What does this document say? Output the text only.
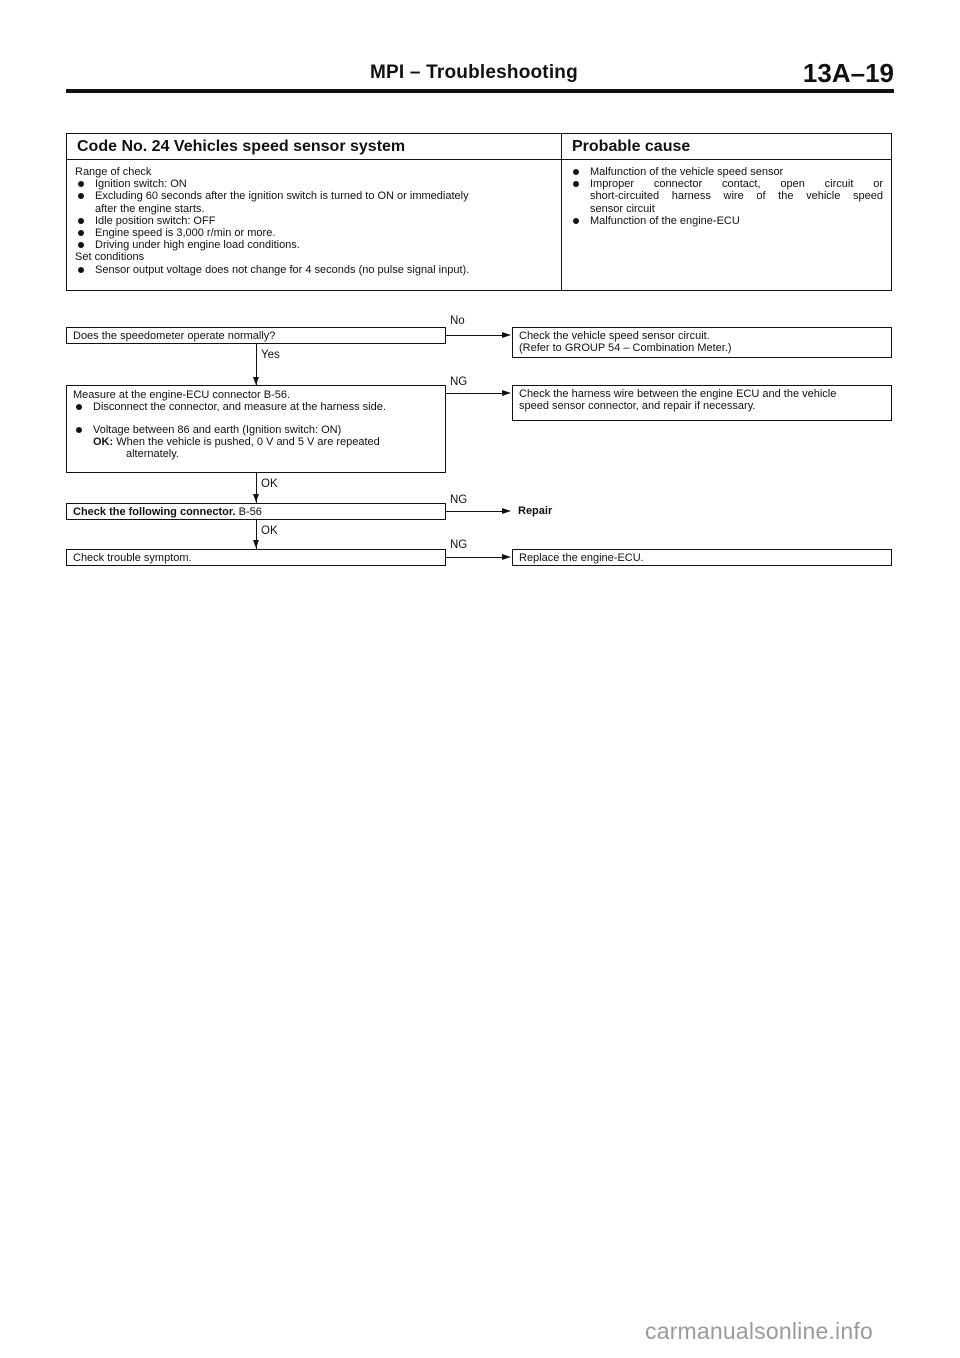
MPI – Troubleshooting	13A–19
Code No. 24 Vehicles speed sensor system
Range of check
Ignition switch: ON
Excluding 60 seconds after the ignition switch is turned to ON or immediately
after the engine starts.
Idle position switch: OFF
Engine speed is 3,000 r/min or more.
Driving under high engine load conditions.
Set conditions
Sensor output voltage does not change for 4 seconds (no pulse signal input).
Probable cause
Malfunction of the vehicle speed sensor
Improper connector contact, open circuit or
short-circuited harness wire of the vehicle speed
sensor circuit
Malfunction of the engine-ECU
Does the speedometer operate normally?
No
Check the vehicle speed sensor circuit.
(Refer to GROUP 54 – Combination Meter.)
Yes
Measure at the engine-ECU connector B-56.
Disconnect the connector, and measure at the harness side.
Voltage between 86 and earth (Ignition switch: ON)
OK: When the vehicle is pushed, 0 V and 5 V are repeated
alternately.
NG
Check the harness wire between the engine ECU and the vehicle
speed sensor connector, and repair if necessary.
OK
Check the following connector. B-56
NG
Repair
OK
Check trouble symptom.
NG
Replace the engine-ECU.
carmanualsonline.info
